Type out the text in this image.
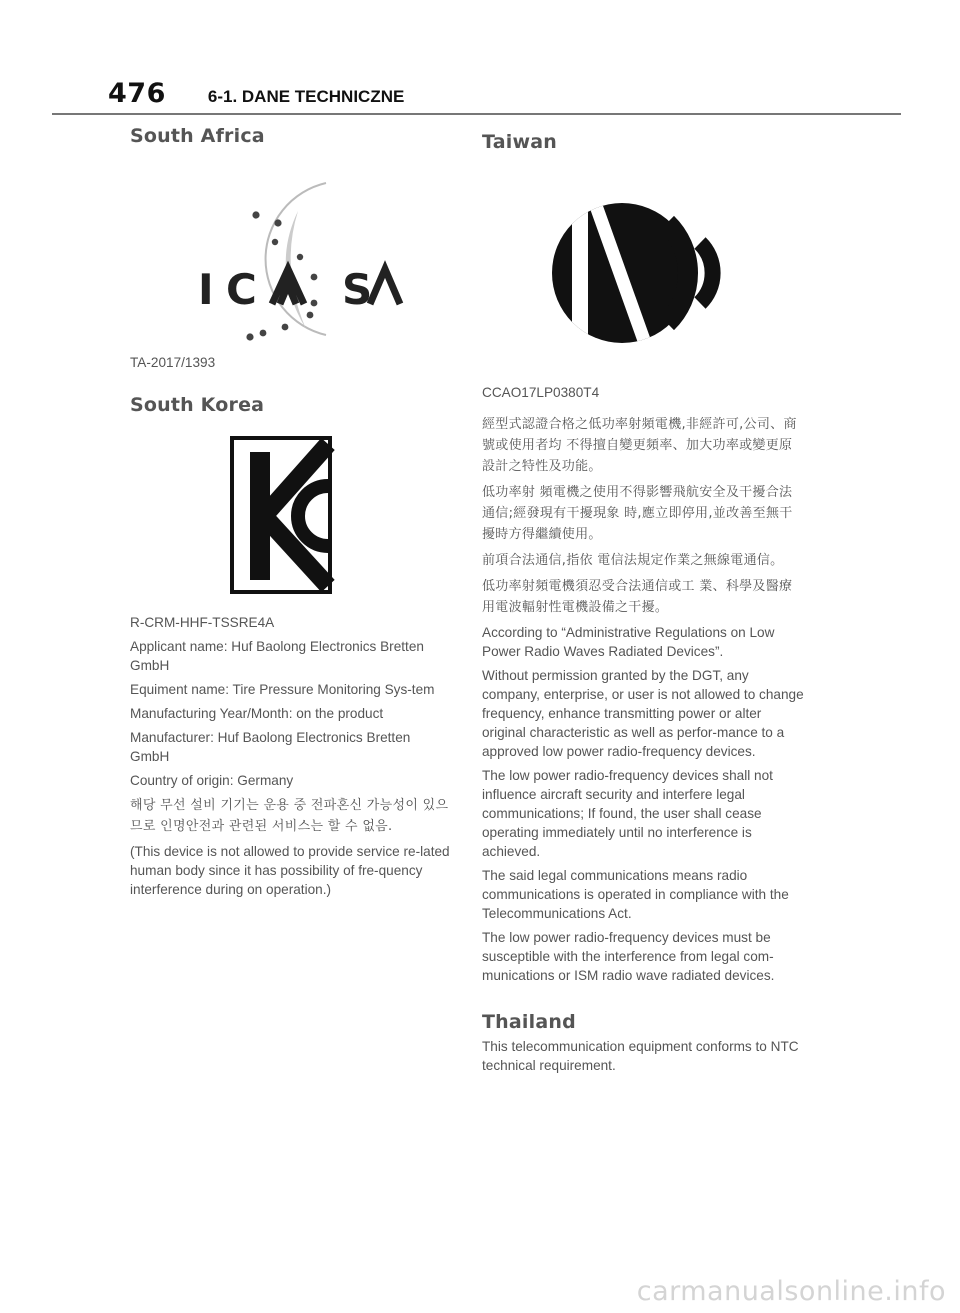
476 6-1. DANE TECHNICZNE
South Africa
I C S

TA-2017/1393

South Korea

R-CRM-HHF-TSSRE4A

Applicant name: Huf Baolong Electronics Bretten GmbH

Equiment name: Tire Pressure Monitoring Sys-tem

Manufacturing Year/Month: on the product

Manufacturer: Huf Baolong Electronics Bretten GmbH

Country of origin: Germany

해당 무선 설비 기기는 운용 중 전파혼신 가능성이 있으므로 인명안전과 관련된 서비스는 할 수 없음.

(This device is not allowed to provide service re-lated human body since it has possibility of fre-quency interference during on operation.)

Taiwan

CCAO17LP0380T4

經型式認證合格之低功率射頻電機,非經許可,公司、商號或使用者均 不得擅自變更頻率、加大功率或變更原設計之特性及功能。

低功率射 頻電機之使用不得影響飛航安全及干擾合法通信;經發現有干擾現象 時,應立即停用,並改善至無干擾時方得繼續使用。

前項合法通信,指依 電信法規定作業之無線電通信。

低功率射頻電機須忍受合法通信或工 業、科學及醫療用電波輻射性電機設備之干擾。

According to “Administrative Regulations on Low Power Radio Waves Radiated Devices”.

Without permission granted by the DGT, any company, enterprise, or user is not allowed to change frequency, enhance transmitting power or alter original characteristic as well as perfor-mance to a approved low power radio-frequency devices.

The low power radio-frequency devices shall not influence aircraft security and interfere legal communications; If found, the user shall cease operating immediately until no interference is achieved.

The said legal communications means radio communications is operated in compliance with the Telecommunications Act.

The low power radio-frequency devices must be susceptible with the interference from legal com-munications or ISM radio wave radiated devices.

Thailand

This telecommunication equipment conforms to NTC technical requirement.

carmanualsonline.info
